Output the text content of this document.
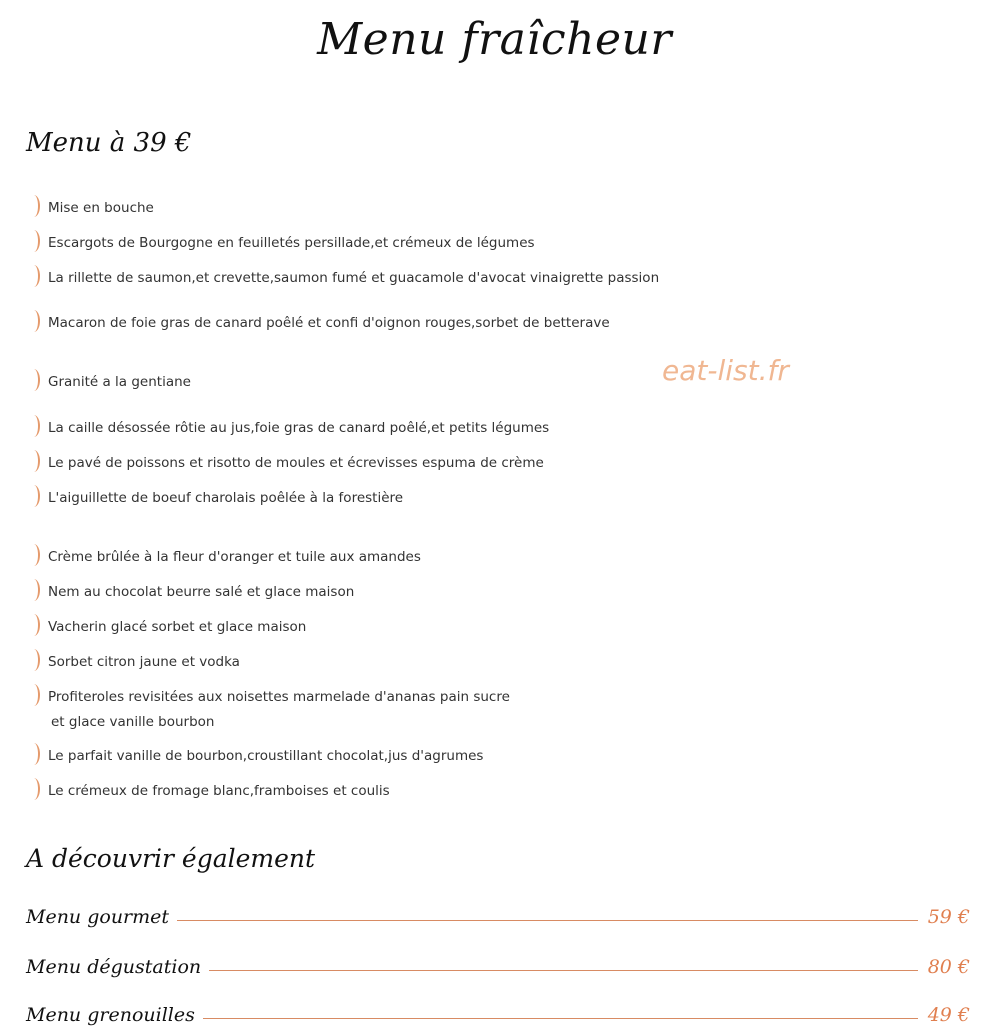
Menu fraîcheur
Menu à 39 €
Mise en bouche
Escargots de Bourgogne en feuilletés persillade,et crémeux de légumes
La rillette de saumon,et crevette,saumon fumé et guacamole d'avocat vinaigrette passion
Macaron de foie gras de canard poêlé et confi d'oignon rouges,sorbet de betterave
Granité a la gentiane
La caille désossée rôtie au jus,foie gras de canard poêlé,et petits légumes
Le pavé de poissons et risotto de moules et écrevisses espuma de crème
L'aiguillette de boeuf charolais poêlée à la forestière
Crème brûlée à la fleur d'oranger et tuile aux amandes
Nem au chocolat beurre salé et glace maison
Vacherin glacé sorbet et glace maison
Sorbet citron jaune et vodka
Profiteroles revisitées aux noisettes marmelade d'ananas pain sucre
et glace vanille bourbon
Le parfait vanille de bourbon,croustillant chocolat,jus d'agrumes
Le crémeux de fromage blanc,framboises et coulis
eat-list.fr
A découvrir également
Menu gourmet	59 €
Menu dégustation	80 €
Menu grenouilles	49 €
